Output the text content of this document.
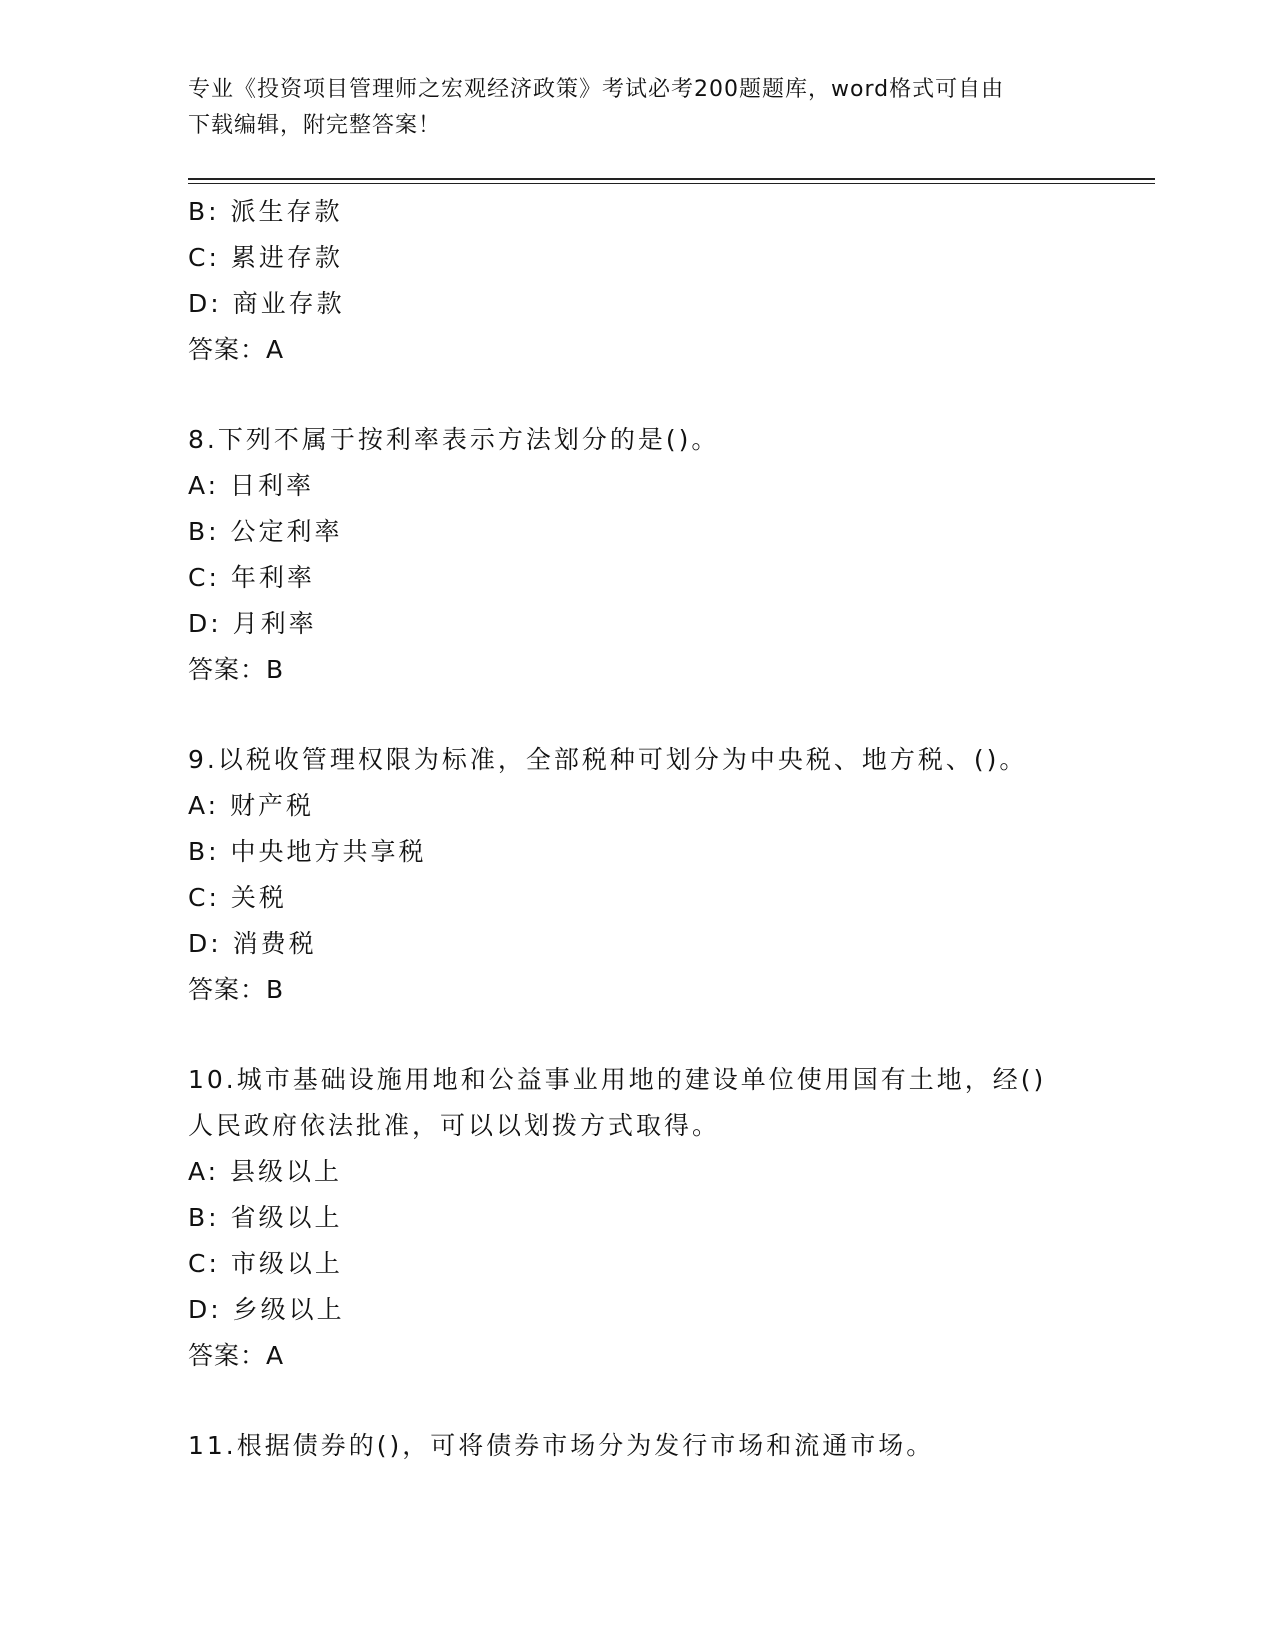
专业《投资项目管理师之宏观经济政策》考试必考200题题库，word格式可自由
下载编辑，附完整答案！
B: 派生存款
C: 累进存款
D: 商业存款
答案：A
8.下列不属于按利率表示方法划分的是()。
A: 日利率
B: 公定利率
C: 年利率
D: 月利率
答案：B
9.以税收管理权限为标准，全部税种可划分为中央税、地方税、()。
A: 财产税
B: 中央地方共享税
C: 关税
D: 消费税
答案：B
10.城市基础设施用地和公益事业用地的建设单位使用国有土地，经()
人民政府依法批准，可以以划拨方式取得。
A: 县级以上
B: 省级以上
C: 市级以上
D: 乡级以上
答案：A
11.根据债券的()，可将债券市场分为发行市场和流通市场。
